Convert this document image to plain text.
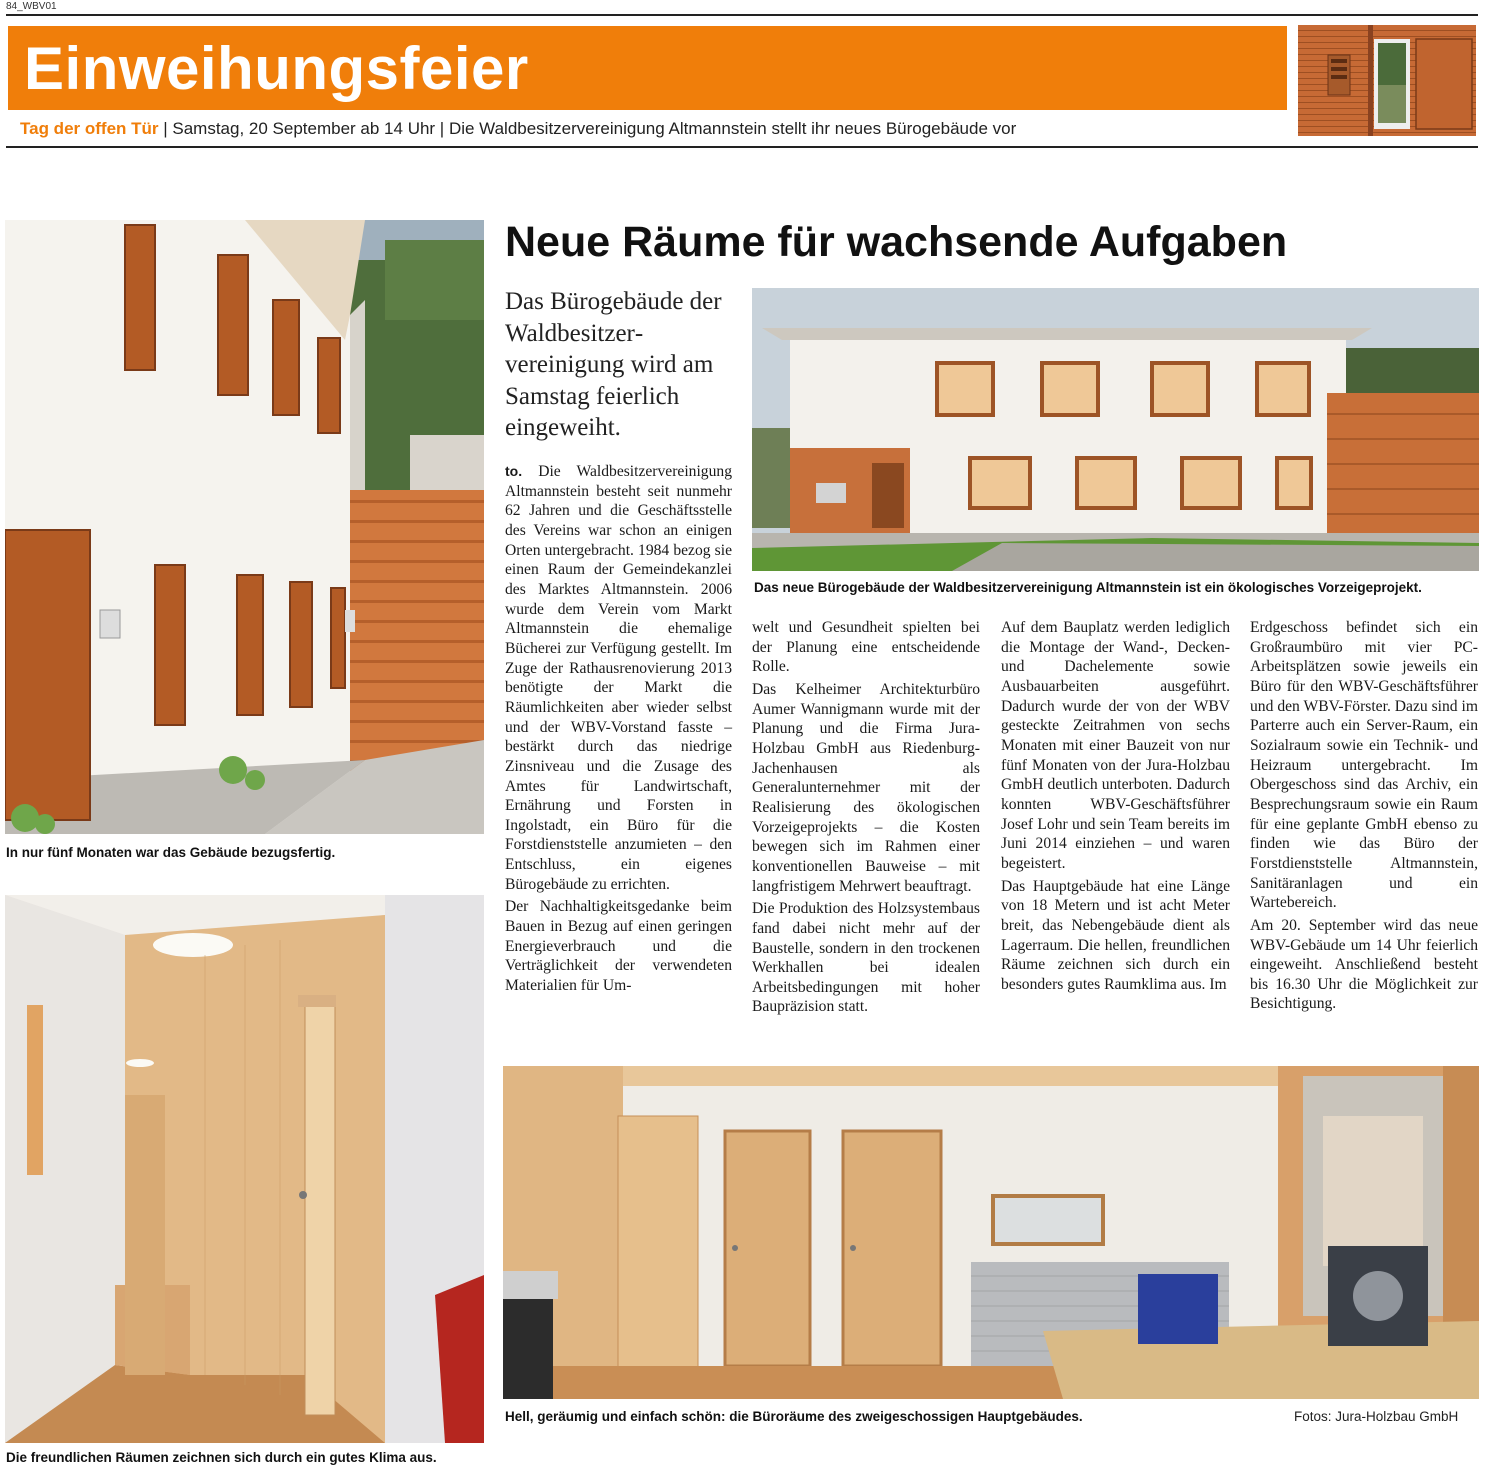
84_WBV01
Einweihungsfeier
Tag der offen Tür | Samstag, 20 September ab 14 Uhr | Die Waldbesitzervereinigung Altmannstein stellt ihr neues Bürogebäude vor
In nur fünf Monaten war das Gebäude bezugsfertig.
Die freundlichen Räumen zeichnen sich durch ein gutes Klima aus.
Neue Räume für wachsende Aufgaben
Das Bürogebäude der Waldbesitzervereinigung wird am Samstag feierlich eingeweiht.
Das neue Bürogebäude der Waldbesitzervereinigung Altmannstein ist ein ökologisches Vorzeigeprojekt.

to. Die Waldbesitzervereinigung Altmannstein besteht seit nunmehr 62 Jahren und die Geschäftsstelle des Vereins war schon an einigen Orten untergebracht. 1984 bezog sie einen Raum der Gemeindekanzlei des Marktes Altmannstein. 2006 wurde dem Verein vom Markt Altmannstein die ehemalige Bücherei zur Verfügung gestellt. Im Zuge der Rathausrenovierung 2013 benötigte der Markt die Räumlichkeiten aber wieder selbst und der WBV-Vorstand fasste – bestärkt durch das niedrige Zinsniveau und die Zusage des Amtes für Landwirtschaft, Ernährung und Forsten in Ingolstadt, ein Büro für die Forstdienststelle anzumieten – den Entschluss, ein eigenes Bürogebäude zu errichten.

Der Nachhaltigkeitsgedanke beim Bauen in Bezug auf einen geringen Energieverbrauch und die Verträglichkeit der verwendeten Materialien für Um-

welt und Gesundheit spielten bei der Planung eine entscheidende Rolle.

Das Kelheimer Architekturbüro Aumer Wannigmann wurde mit der Planung und die Firma Jura-Holzbau GmbH aus Riedenburg-Jachenhausen als Generalunternehmer mit der Realisierung des ökologischen Vorzeigeprojekts – die Kosten bewegen sich im Rahmen einer konventionellen Bauweise – mit langfristigem Mehrwert beauftragt.

Die Produktion des Holzsystembaus fand dabei nicht mehr auf der Baustelle, sondern in den trockenen Werkhallen bei idealen Arbeitsbedingungen mit hoher Baupräzision statt.

Auf dem Bauplatz werden lediglich die Montage der Wand-, Decken- und Dachelemente sowie Ausbauarbeiten ausgeführt. Dadurch wurde der von der WBV gesteckte Zeitrahmen von sechs Monaten mit einer Bauzeit von nur fünf Monaten von der Jura-Holzbau GmbH deutlich unterboten. Dadurch konnten WBV-Geschäftsführer Josef Lohr und sein Team bereits im Juni 2014 einziehen – und waren begeistert.

Das Hauptgebäude hat eine Länge von 18 Metern und ist acht Meter breit, das Nebengebäude dient als Lagerraum. Die hellen, freundlichen Räume zeichnen sich durch ein besonders gutes Raumklima aus. Im

Erdgeschoss befindet sich ein Großraumbüro mit vier PC-Arbeitsplätzen sowie jeweils ein Büro für den WBV-Geschäftsführer und den WBV-Förster. Dazu sind im Parterre auch ein Server-Raum, ein Sozialraum sowie ein Technik- und Heizraum untergebracht. Im Obergeschoss sind das Archiv, ein Besprechungsraum sowie ein Raum für eine geplante GmbH ebenso zu finden wie das Büro der Forstdienststelle Altmannstein, Sanitäranlagen und ein Wartebereich.

Am 20. September wird das neue WBV-Gebäude um 14 Uhr feierlich eingeweiht. Anschließend besteht bis 16.30 Uhr die Möglichkeit zur Besichtigung.

Hell, geräumig und einfach schön: die Büroräume des zweigeschossigen Hauptgebäudes.	Fotos: Jura-Holzbau GmbH
